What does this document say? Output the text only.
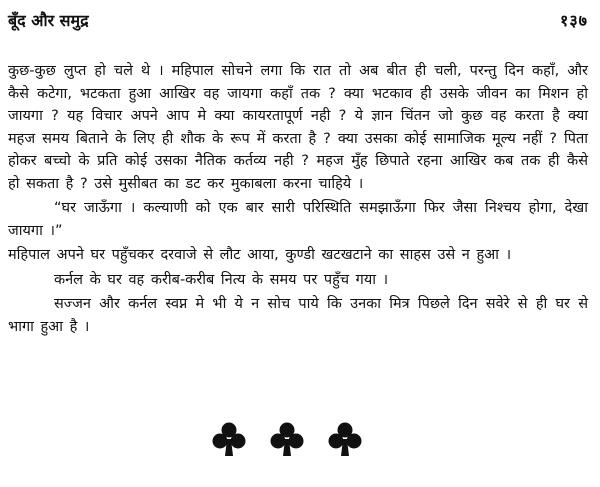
बूँद और समुद्र	१३७

कुछ-कुछ लुप्त हो चले थे । महिपाल सोचने लगा कि रात तो अब बीत ही चली, परन्तु दिन कहाँ, और कैसे कटेगा, भटकता हुआ आखिर वह जायगा कहाँ तक ? क्या भटकाव ही उसके जीवन का मिशन हो जायगा ? यह विचार अपने आप मे क्या कायरतापूर्ण नही ? ये ज्ञान चिंतन जो कुछ वह करता है क्या महज समय बिताने के लिए ही शौक के रूप में करता है ? क्या उसका कोई सामाजिक मूल्य नहीं ? पिता होकर बच्चो के प्रति कोई उसका नैतिक कर्तव्य नही ? महज मुँह छिपाते रहना आखिर कब तक ही कैसे हो सकता है ? उसे मुसीबत का डट कर मुकाबला करना चाहिये ।

“घर जाऊँगा । कल्याणी को एक बार सारी परिस्थिति समझाऊँगा फिर जैसा निश्चय होगा, देखा जायगा ।”

महिपाल अपने घर पहुँचकर दरवाजे से लौट आया, कुण्डी खटखटाने का साहस उसे न हुआ ।

कर्नल के घर वह करीब-करीब नित्य के समय पर पहुँच गया ।

सज्जन और कर्नल स्वप्न मे भी ये न सोच पाये कि उनका मित्र पिछले दिन सवेरे से ही घर से भागा हुआ है ।
